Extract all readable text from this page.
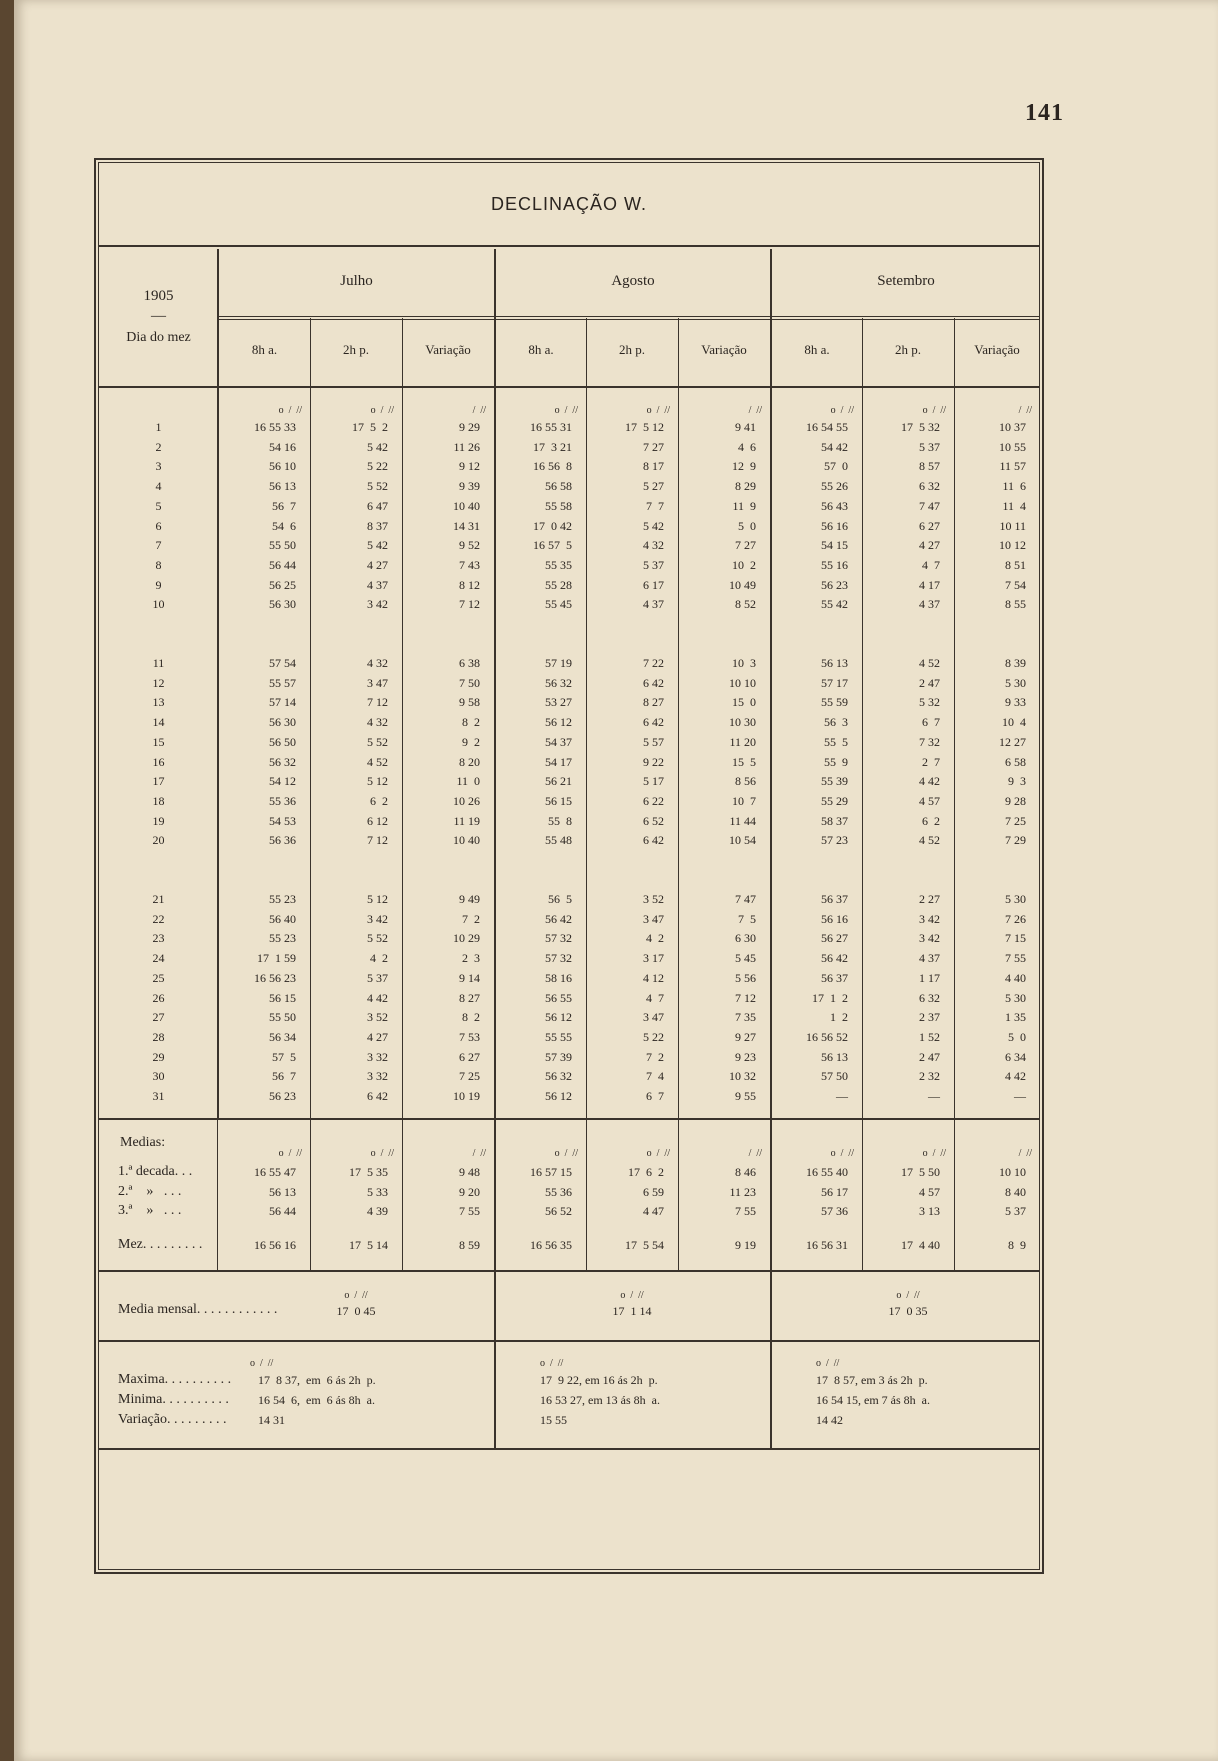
141
DECLINAÇÃO W.
1905
—
Dia do mez
Julho	Agosto	Setembro
8h a.	2h p.	Variação	8h a.	2h p.	Variação	8h a.	2h p.	Variação
o  /  //	o  /  //	/  //	o  /  //	o  /  //	/  //	o  /  //	o  /  //	/  //
1	16 55 33	17  5  2	9 29	16 55 31	17  5 12	9 41	16 54 55	17  5 32	10 37
2	54 16	5 42	11 26	17  3 21	7 27	4  6	54 42	5 37	10 55
3	56 10	5 22	9 12	16 56  8	8 17	12  9	57  0	8 57	11 57
4	56 13	5 52	9 39	56 58	5 27	8 29	55 26	6 32	11  6
5	56  7	6 47	10 40	55 58	7  7	11  9	56 43	7 47	11  4
6	54  6	8 37	14 31	17  0 42	5 42	5  0	56 16	6 27	10 11
7	55 50	5 42	9 52	16 57  5	4 32	7 27	54 15	4 27	10 12
8	56 44	4 27	7 43	55 35	5 37	10  2	55 16	4  7	8 51
9	56 25	4 37	8 12	55 28	6 17	10 49	56 23	4 17	7 54
10	56 30	3 42	7 12	55 45	4 37	8 52	55 42	4 37	8 55
11	57 54	4 32	6 38	57 19	7 22	10  3	56 13	4 52	8 39
12	55 57	3 47	7 50	56 32	6 42	10 10	57 17	2 47	5 30
13	57 14	7 12	9 58	53 27	8 27	15  0	55 59	5 32	9 33
14	56 30	4 32	8  2	56 12	6 42	10 30	56  3	6  7	10  4
15	56 50	5 52	9  2	54 37	5 57	11 20	55  5	7 32	12 27
16	56 32	4 52	8 20	54 17	9 22	15  5	55  9	2  7	6 58
17	54 12	5 12	11  0	56 21	5 17	8 56	55 39	4 42	9  3
18	55 36	6  2	10 26	56 15	6 22	10  7	55 29	4 57	9 28
19	54 53	6 12	11 19	55  8	6 52	11 44	58 37	6  2	7 25
20	56 36	7 12	10 40	55 48	6 42	10 54	57 23	4 52	7 29
21	55 23	5 12	9 49	56  5	3 52	7 47	56 37	2 27	5 30
22	56 40	3 42	7  2	56 42	3 47	7  5	56 16	3 42	7 26
23	55 23	5 52	10 29	57 32	4  2	6 30	56 27	3 42	7 15
24	17  1 59	4  2	2  3	57 32	3 17	5 45	56 42	4 37	7 55
25	16 56 23	5 37	9 14	58 16	4 12	5 56	56 37	1 17	4 40
26	56 15	4 42	8 27	56 55	4  7	7 12	17  1  2	6 32	5 30
27	55 50	3 52	8  2	56 12	3 47	7 35	1  2	2 37	1 35
28	56 34	4 27	7 53	55 55	5 22	9 27	16 56 52	1 52	5  0
29	57  5	3 32	6 27	57 39	7  2	9 23	56 13	2 47	6 34
30	56  7	3 32	7 25	56 32	7  4	10 32	57 50	2 32	4 42
31	56 23	6 42	10 19	56 12	6  7	9 55	—	—	—
Medias:
o  /  //	o  /  //	/  //	o  /  //	o  /  //	/  //	o  /  //	o  /  //	/  //
1.ª decada. . .	16 55 47	17  5 35	9 48	16 57 15	17  6  2	8 46	16 55 40	17  5 50	10 10
2.ª    »   . . .	56 13	5 33	9 20	55 36	6 59	11 23	56 17	4 57	8 40
3.ª    »   . . .	56 44	4 39	7 55	56 52	4 47	7 55	57 36	3 13	5 37
Mez. . . . . . . . .	16 56 16	17  5 14	8 59	16 56 35	17  5 54	9 19	16 56 31	17  4 40	8  9
o  /  //	o  /  //	o  /  //
Media mensal. . . . . . . . . . . .	17  0 45	17  1 14	17  0 35
o  /  //	o  /  //	o  /  //
Maxima. . . . . . . . . . 17  8 37,  em  6 ás 2h  p.	17  9 22, em 16 ás 2h  p.	17  8 57, em 3 ás 2h  p.
Minima. . . . . . . . . . 16 54  6,  em  6 ás 8h  a.	16 53 27, em 13 ás 8h  a.	16 54 15, em 7 ás 8h  a.
Variação. . . . . . . . .	14 31	15 55	14 42
